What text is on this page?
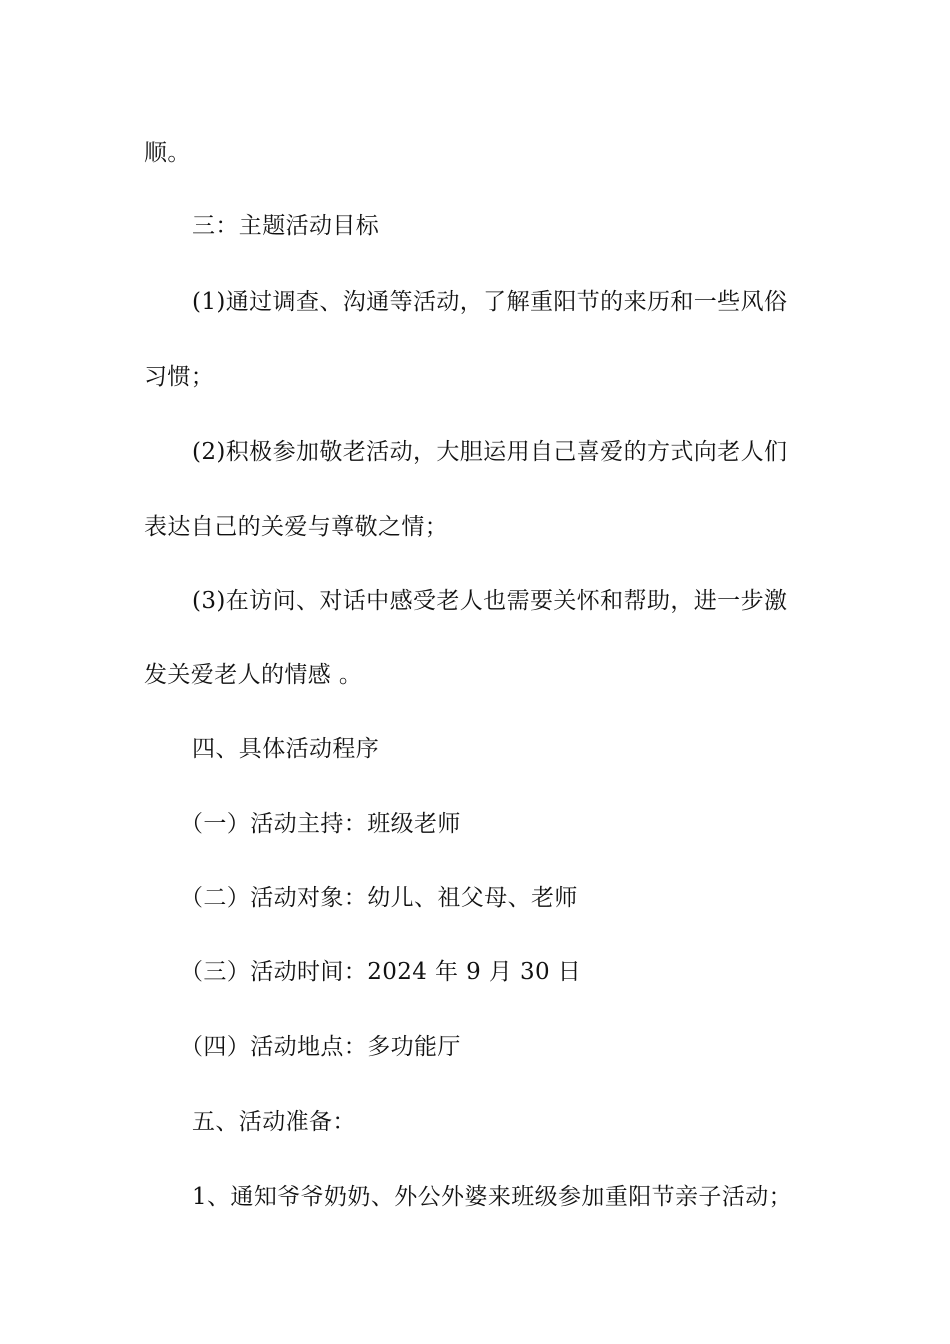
顺。
三：主题活动目标
(1)通过调查、沟通等活动，了解重阳节的来历和一些风俗
习惯；
(2)积极参加敬老活动，大胆运用自己喜爱的方式向老人们
表达自己的关爱与尊敬之情；
(3)在访问、对话中感受老人也需要关怀和帮助，进一步激
发关爱老人的情感 。
四、具体活动程序
（一）活动主持：班级老师
（二）活动对象：幼儿、祖父母、老师
（三）活动时间：2024 年 9 月 30 日
（四）活动地点：多功能厅
五、活动准备：
1、通知爷爷奶奶、外公外婆来班级参加重阳节亲子活动；
